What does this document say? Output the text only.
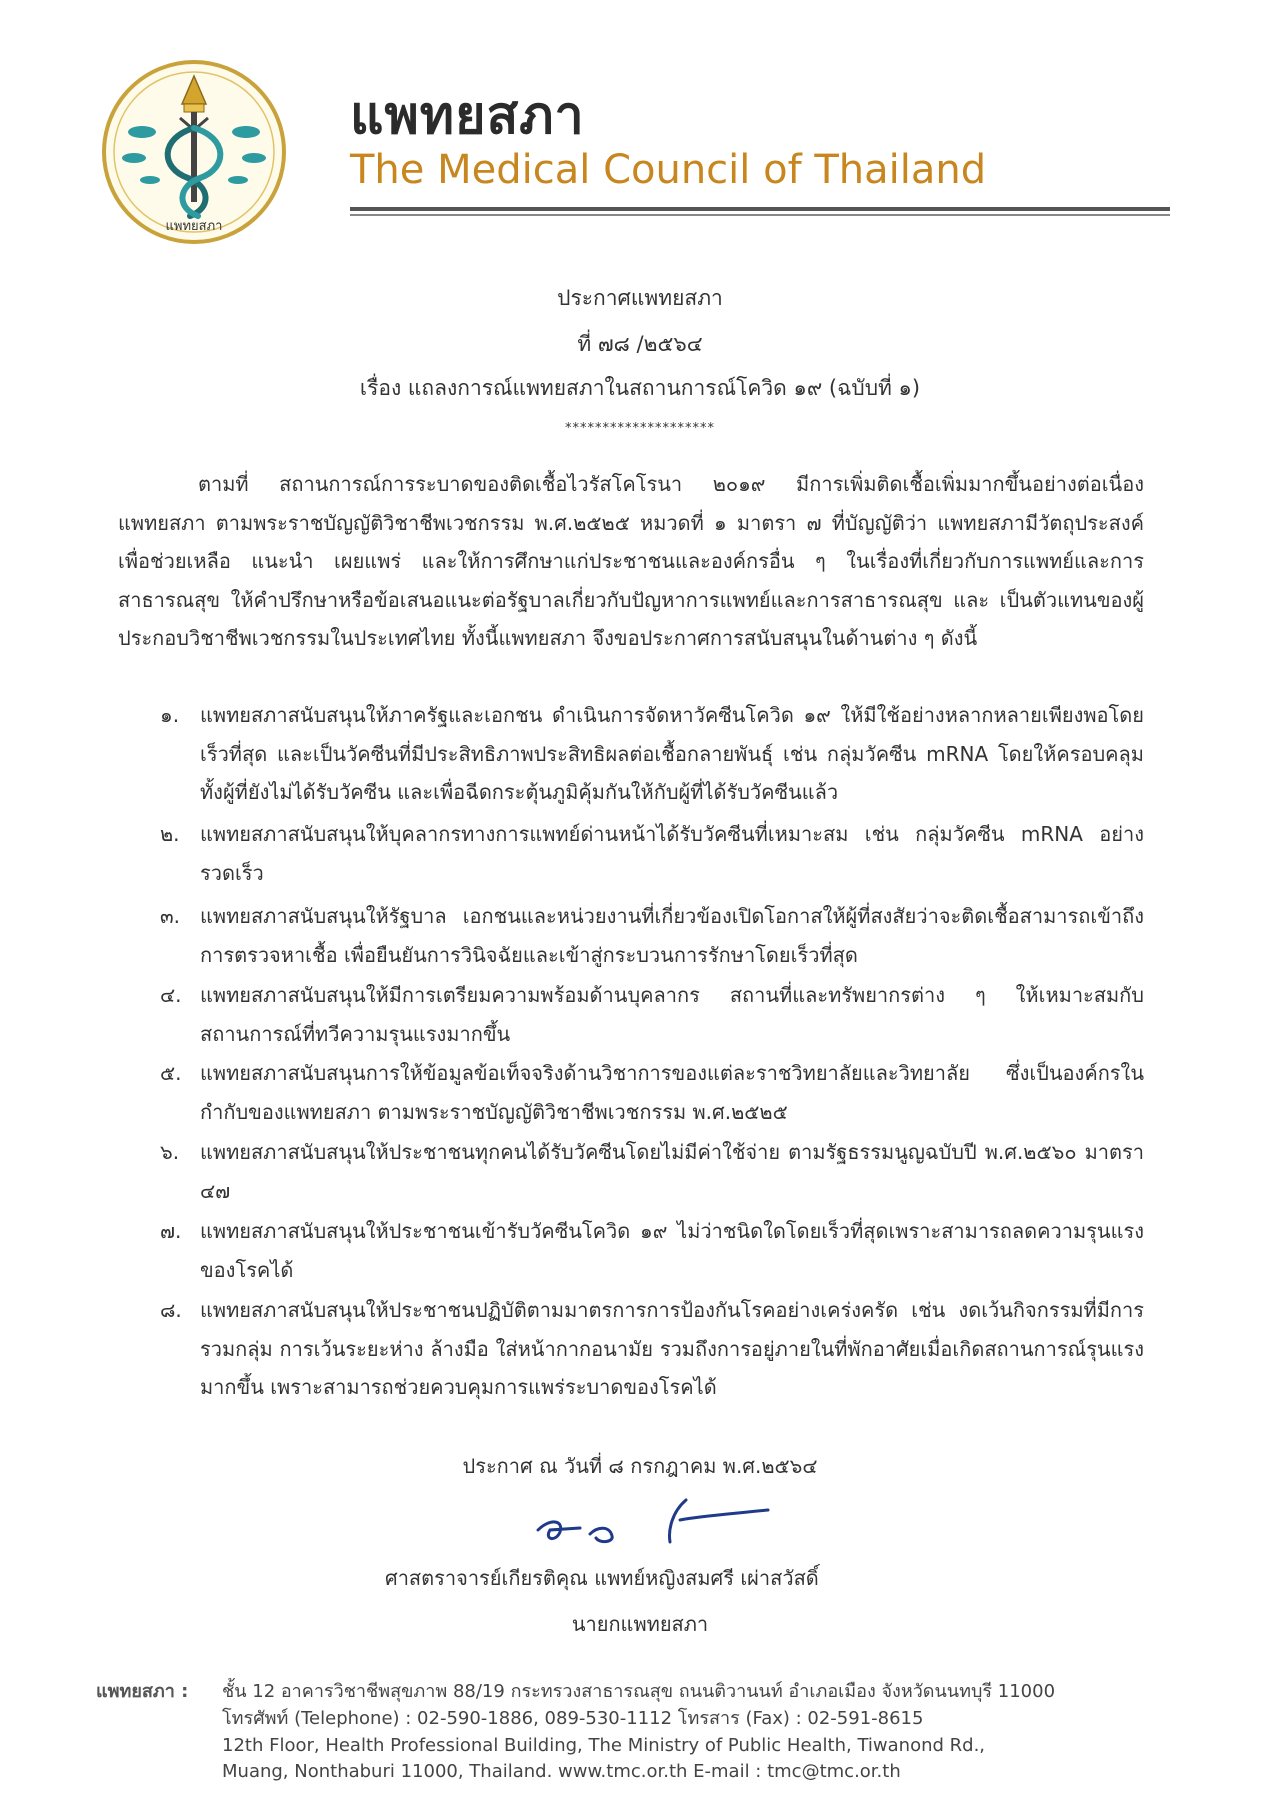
แพทยสภา
แพทยสภา
The Medical Council of Thailand
ประกาศแพทยสภา
ที่ ๗๘ /๒๕๖๔
เรื่อง แถลงการณ์แพทยสภาในสถานการณ์โควิด ๑๙ (ฉบับที่ ๑)
********************
ตามที่ สถานการณ์การระบาดของติดเชื้อไวรัสโคโรนา ๒๐๑๙ มีการเพิ่มติดเชื้อเพิ่มมากขึ้นอย่างต่อเนื่อง แพทยสภา ตามพระราชบัญญัติวิชาชีพเวชกรรม พ.ศ.๒๕๒๕ หมวดที่ ๑ มาตรา ๗ ที่บัญญัติว่า แพทยสภามีวัตถุประสงค์ เพื่อช่วยเหลือ แนะนำ เผยแพร่ และให้การศึกษาแก่ประชาชนและองค์กรอื่น ๆ ในเรื่องที่เกี่ยวกับการแพทย์และการสาธารณสุข ให้คำปรึกษาหรือข้อเสนอแนะต่อรัฐบาลเกี่ยวกับปัญหาการแพทย์และการสาธารณสุข และ เป็นตัวแทนของผู้ประกอบวิชาชีพเวชกรรมในประเทศไทย ทั้งนี้แพทยสภา จึงขอประกาศการสนับสนุนในด้านต่าง ๆ ดังนี้
๑.	แพทยสภาสนับสนุนให้ภาครัฐและเอกชน ดำเนินการจัดหาวัคซีนโควิด ๑๙ ให้มีใช้อย่างหลากหลายเพียงพอโดยเร็วที่สุด และเป็นวัคซีนที่มีประสิทธิภาพประสิทธิผลต่อเชื้อกลายพันธุ์ เช่น กลุ่มวัคซีน mRNA โดยให้ครอบคลุมทั้งผู้ที่ยังไม่ได้รับวัคซีน และเพื่อฉีดกระตุ้นภูมิคุ้มกันให้กับผู้ที่ได้รับวัคซีนแล้ว
๒.	แพทยสภาสนับสนุนให้บุคลากรทางการแพทย์ด่านหน้าได้รับวัคซีนที่เหมาะสม เช่น กลุ่มวัคซีน mRNA อย่างรวดเร็ว
๓. แพทยสภาสนับสนุนให้รัฐบาล เอกชนและหน่วยงานที่เกี่ยวข้องเปิดโอกาสให้ผู้ที่สงสัยว่าจะติดเชื้อสามารถเข้าถึงการตรวจหาเชื้อ เพื่อยืนยันการวินิจฉัยและเข้าสู่กระบวนการรักษาโดยเร็วที่สุด
๔. แพทยสภาสนับสนุนให้มีการเตรียมความพร้อมด้านบุคลากร สถานที่และทรัพยากรต่าง ๆ ให้เหมาะสมกับสถานการณ์ที่ทวีความรุนแรงมากขึ้น
๕. แพทยสภาสนับสนุนการให้ข้อมูลข้อเท็จจริงด้านวิชาการของแต่ละราชวิทยาลัยและวิทยาลัย ซึ่งเป็นองค์กรในกำกับของแพทยสภา ตามพระราชบัญญัติวิชาชีพเวชกรรม พ.ศ.๒๕๒๕
๖.	แพทยสภาสนับสนุนให้ประชาชนทุกคนได้รับวัคซีนโดยไม่มีค่าใช้จ่าย ตามรัฐธรรมนูญฉบับปี พ.ศ.๒๕๖๐ มาตรา ๔๗
๗. แพทยสภาสนับสนุนให้ประชาชนเข้ารับวัคซีนโควิด ๑๙ ไม่ว่าชนิดใดโดยเร็วที่สุดเพราะสามารถลดความรุนแรงของโรคได้
๘. แพทยสภาสนับสนุนให้ประชาชนปฏิบัติตามมาตรการการป้องกันโรคอย่างเคร่งครัด เช่น งดเว้นกิจกรรมที่มีการรวมกลุ่ม การเว้นระยะห่าง ล้างมือ ใส่หน้ากากอนามัย รวมถึงการอยู่ภายในที่พักอาศัยเมื่อเกิดสถานการณ์รุนแรงมากขึ้น เพราะสามารถช่วยควบคุมการแพร่ระบาดของโรคได้
ประกาศ ณ วันที่ ๘ กรกฎาคม พ.ศ.๒๕๖๔
ศาสตราจารย์เกียรติคุณ แพทย์หญิงสมศรี เผ่าสวัสดิ์
นายกแพทยสภา
แพทยสภา : ชั้น 12 อาคารวิชาชีพสุขภาพ 88/19 กระทรวงสาธารณสุข ถนนติวานนท์ อำเภอเมือง จังหวัดนนทบุรี 11000
โทรศัพท์ (Telephone) : 02-590-1886, 089-530-1112 โทรสาร (Fax) : 02-591-8615
12th Floor, Health Professional Building, The Ministry of Public Health, Tiwanond Rd.,
Muang, Nonthaburi 11000, Thailand. www.tmc.or.th E-mail : tmc@tmc.or.th
